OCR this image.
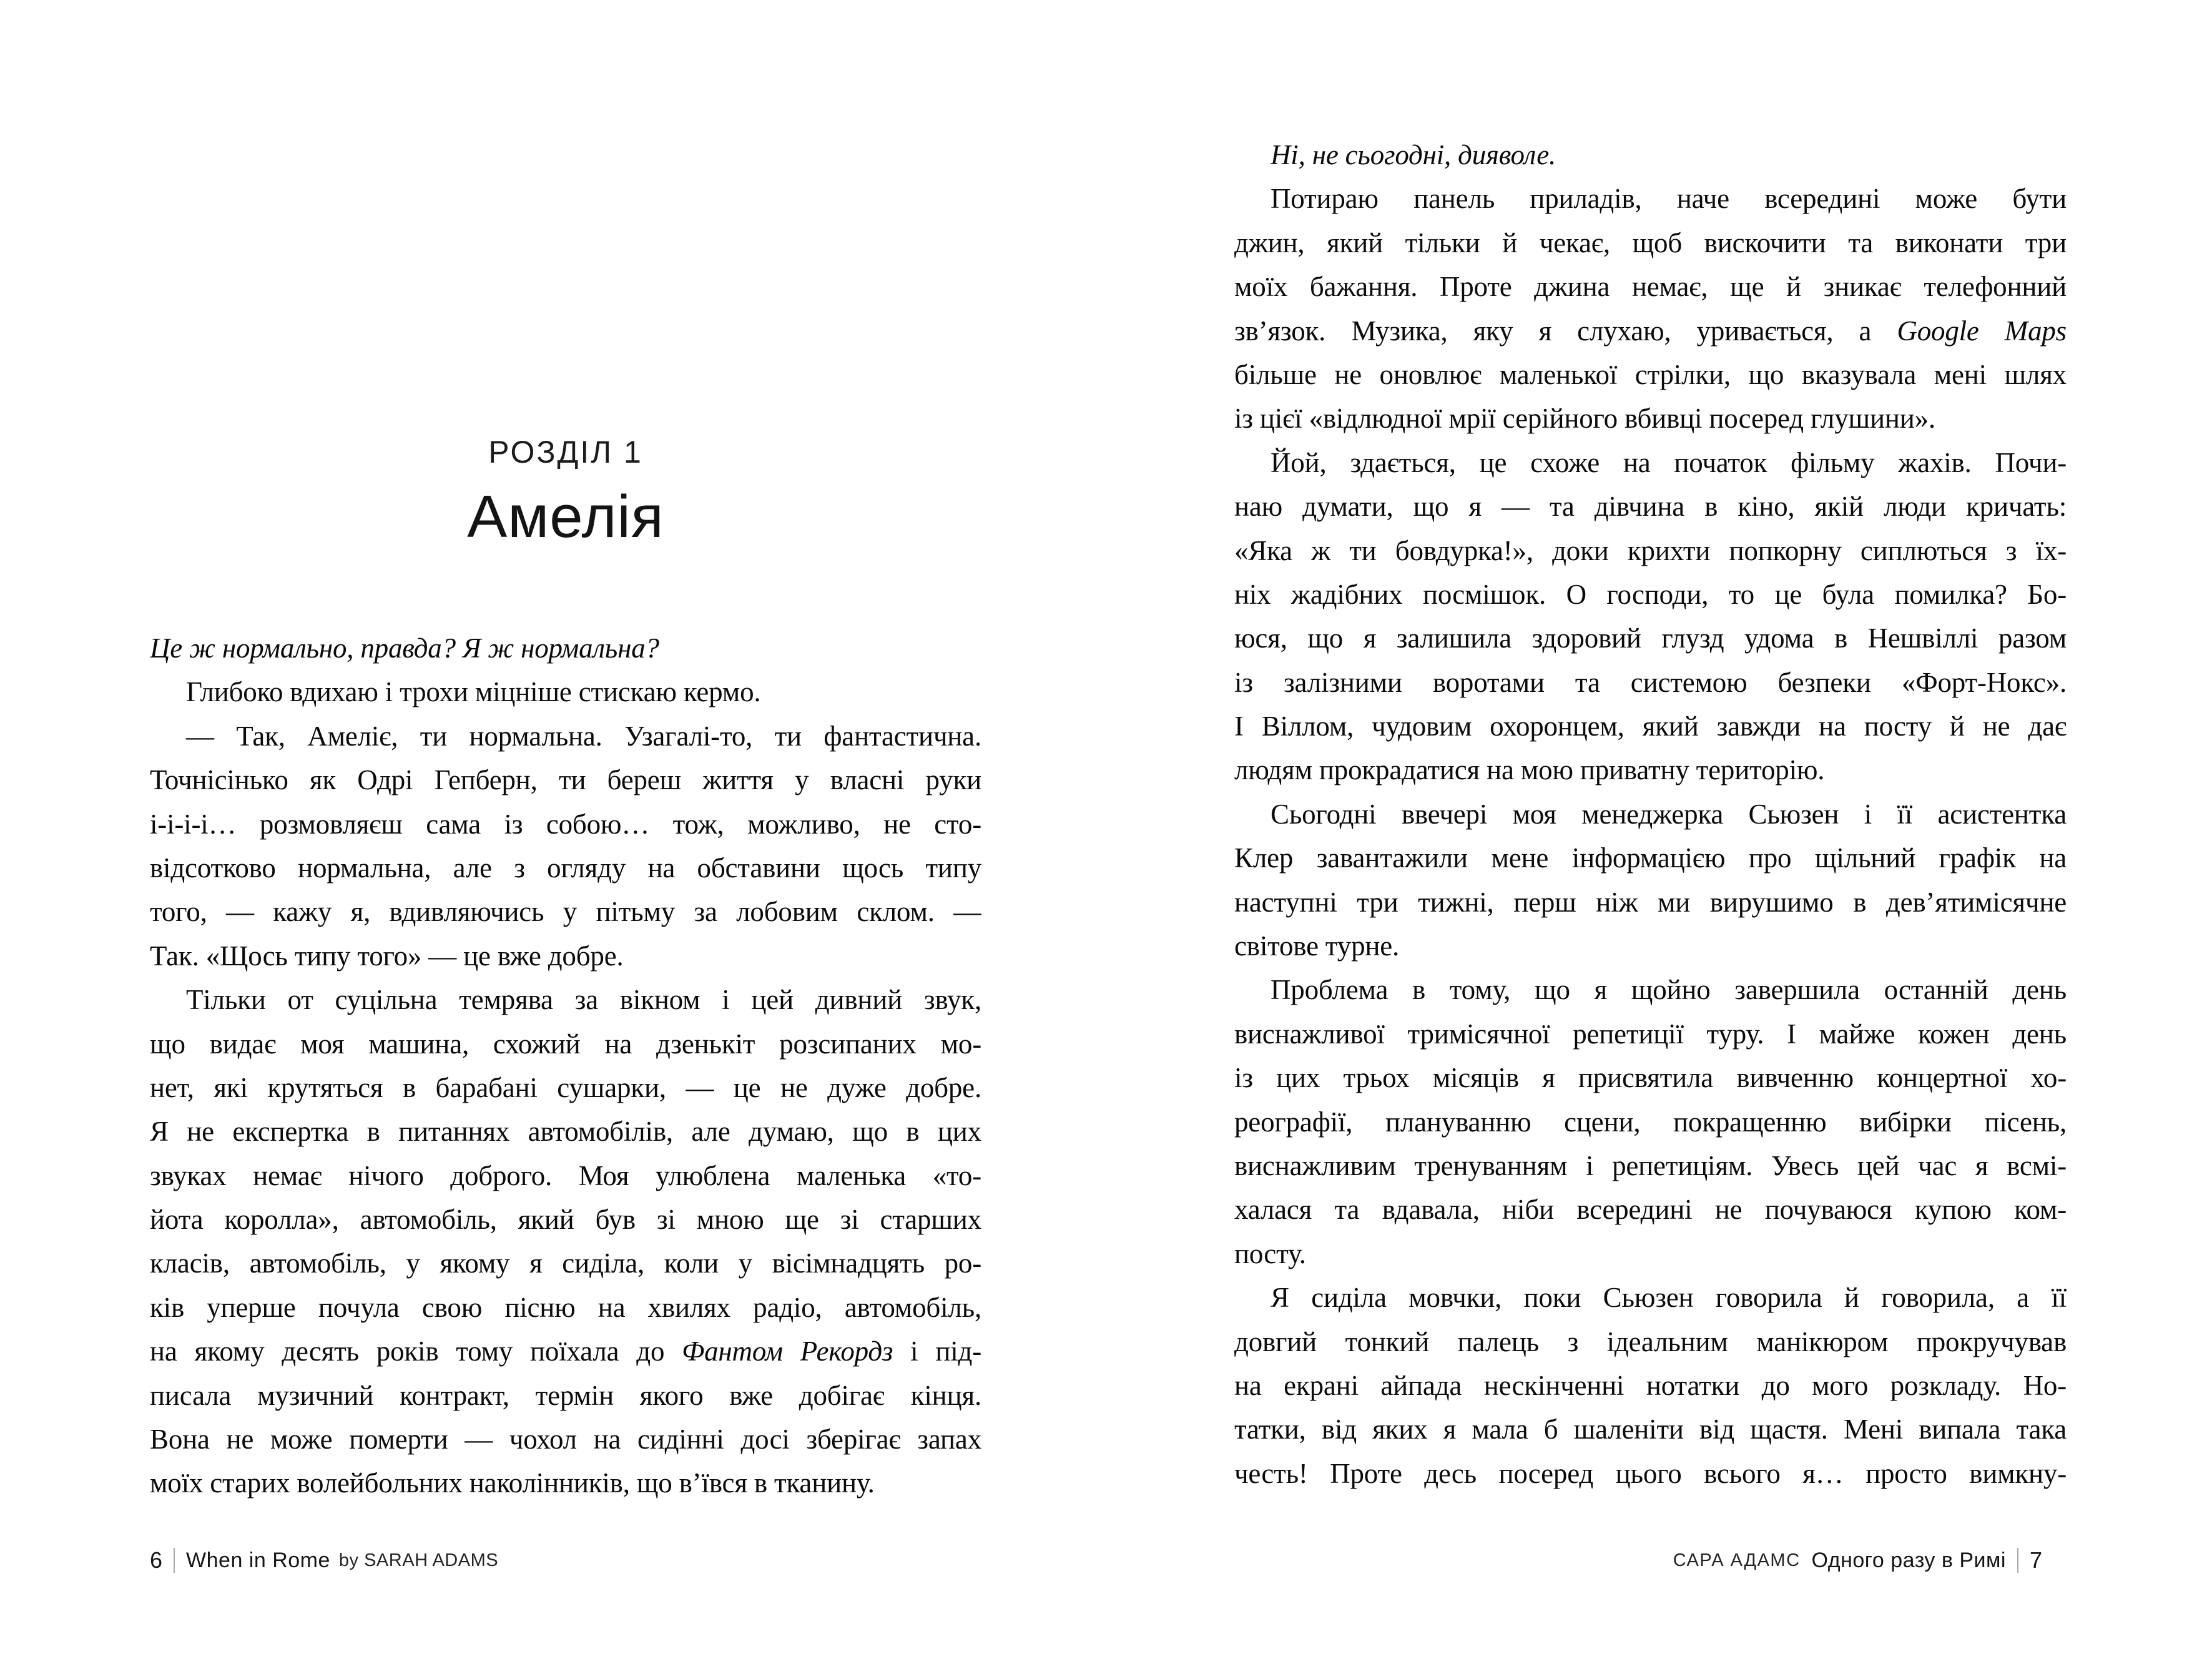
РОЗДІЛ 1
Амелія
Це ж нормально, правда? Я ж нормальна?
Глибоко вдихаю і трохи міцніше стискаю кермо.
— Так, Амеліє, ти нормальна. Узагалі-то, ти фантастична.
Точнісінько як Одрі Гепберн, ти береш життя у власні руки
і-і-і-і… розмовляєш сама із собою… тож, можливо, не сто-
відсотково нормальна, але з огляду на обставини щось типу
того, — кажу я, вдивляючись у пітьму за лобовим склом. —
Так. «Щось типу того» — це вже добре.
Тільки от суцільна темрява за вікном і цей дивний звук,
що видає моя машина, схожий на дзенькіт розсипаних мо-
нет, які крутяться в барабані сушарки, — це не дуже добре.
Я не експертка в питаннях автомобілів, але думаю, що в цих
звуках немає нічого доброго. Моя улюблена маленька «то-
йота королла», автомобіль, який був зі мною ще зі старших
класів, автомобіль, у якому я сиділа, коли у вісімнадцять ро-
ків уперше почула свою пісню на хвилях радіо, автомобіль,
на якому десять років тому поїхала до Фантом Рекордз і під-
писала музичний контракт, термін якого вже добігає кінця.
Вона не може померти — чохол на сидінні досі зберігає запах
моїх старих волейбольних наколінників, що в’ївся в тканину.
6 When in Rome by SARAH ADAMS
Ні, не сьогодні, дияволе.
Потираю панель приладів, наче всередині може бути
джин, який тільки й чекає, щоб вискочити та виконати три
моїх бажання. Проте джина немає, ще й зникає телефонний
зв’язок. Музика, яку я слухаю, уривається, а Google Maps
більше не оновлює маленької стрілки, що вказувала мені шлях
із цієї «відлюдної мрії серійного вбивці посеред глушини».
Йой, здається, це схоже на початок фільму жахів. Почи-
наю думати, що я — та дівчина в кіно, якій люди кричать:
«Яка ж ти бовдурка!», доки крихти попкорну сиплються з їх-
ніх жадібних посмішок. О господи, то це була помилка? Бо-
юся, що я залишила здоровий глузд удома в Нешвіллі разом
із залізними воротами та системою безпеки «Форт-Нокс».
І Віллом, чудовим охоронцем, який завжди на посту й не дає
людям прокрадатися на мою приватну територію.
Сьогодні ввечері моя менеджерка Сьюзен і її асистентка
Клер завантажили мене інформацією про щільний графік на
наступні три тижні, перш ніж ми вирушимо в дев’ятимісячне
світове турне.
Проблема в тому, що я щойно завершила останній день
виснажливої тримісячної репетиції туру. І майже кожен день
із цих трьох місяців я присвятила вивченню концертної хо-
реографії, плануванню сцени, покращенню вибірки пісень,
виснажливим тренуванням і репетиціям. Увесь цей час я всмі-
халася та вдавала, ніби всередині не почуваюся купою ком-
посту.
Я сиділа мовчки, поки Сьюзен говорила й говорила, а її
довгий тонкий палець з ідеальним манікюром прокручував
на екрані айпада нескінченні нотатки до мого розкладу. Но-
татки, від яких я мала б шаленіти від щастя. Мені випала така
честь! Проте десь посеред цього всього я… просто вимкну-
САРА АДАМС Одного разу в Римі 7
